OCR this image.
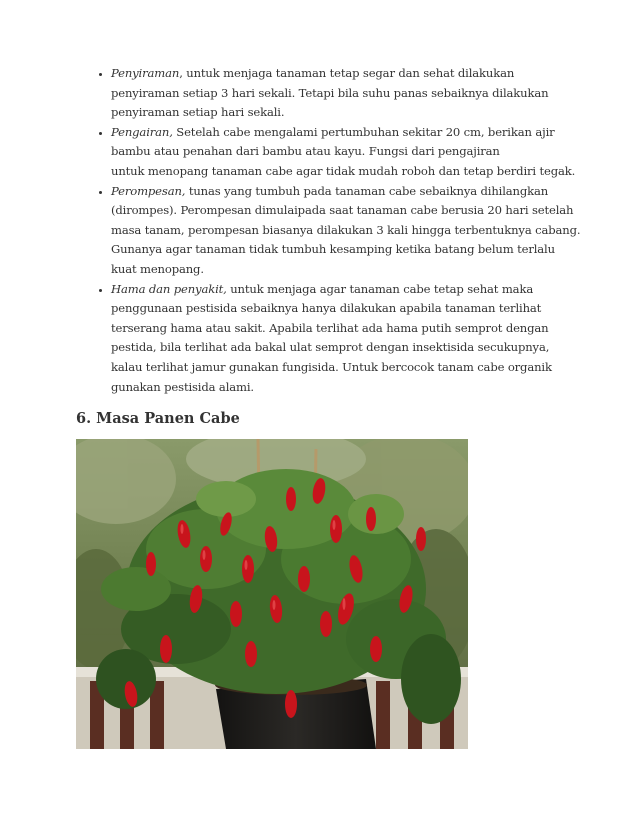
• Penyiraman, untuk menjaga tanaman tetap segar dan sehat dilakukan
penyiraman setiap 3 hari sekali. Tetapi bila suhu panas sebaiknya dilakukan
penyiraman setiap hari sekali.
• Pengairan, Setelah cabe mengalami pertumbuhan sekitar 20 cm, berikan ajir
bambu atau penahan dari bambu atau kayu. Fungsi dari pengajiran
untuk menopang tanaman cabe agar tidak mudah roboh dan tetap berdiri tegak.
• Perompesan, tunas yang tumbuh pada tanaman cabe sebaiknya dihilangkan
(dirompes). Perompesan dimulaipada saat tanaman cabe berusia 20 hari setelah
masa tanam, perompesan biasanya dilakukan 3 kali hingga terbentuknya cabang.
Gunanya agar tanaman tidak tumbuh kesamping ketika batang belum terlalu
kuat menopang.
• Hama dan penyakit, untuk menjaga agar tanaman cabe tetap sehat maka
penggunaan pestisida sebaiknya hanya dilakukan apabila tanaman terlihat
terserang hama atau sakit. Apabila terlihat ada hama putih semprot dengan
pestida, bila terlihat ada bakal ulat semprot dengan insektisida secukupnya,
kalau terlihat jamur gunakan fungisida. Untuk bercocok tanam cabe organik
gunakan pestisida alami.
6. Masa Panen Cabe
